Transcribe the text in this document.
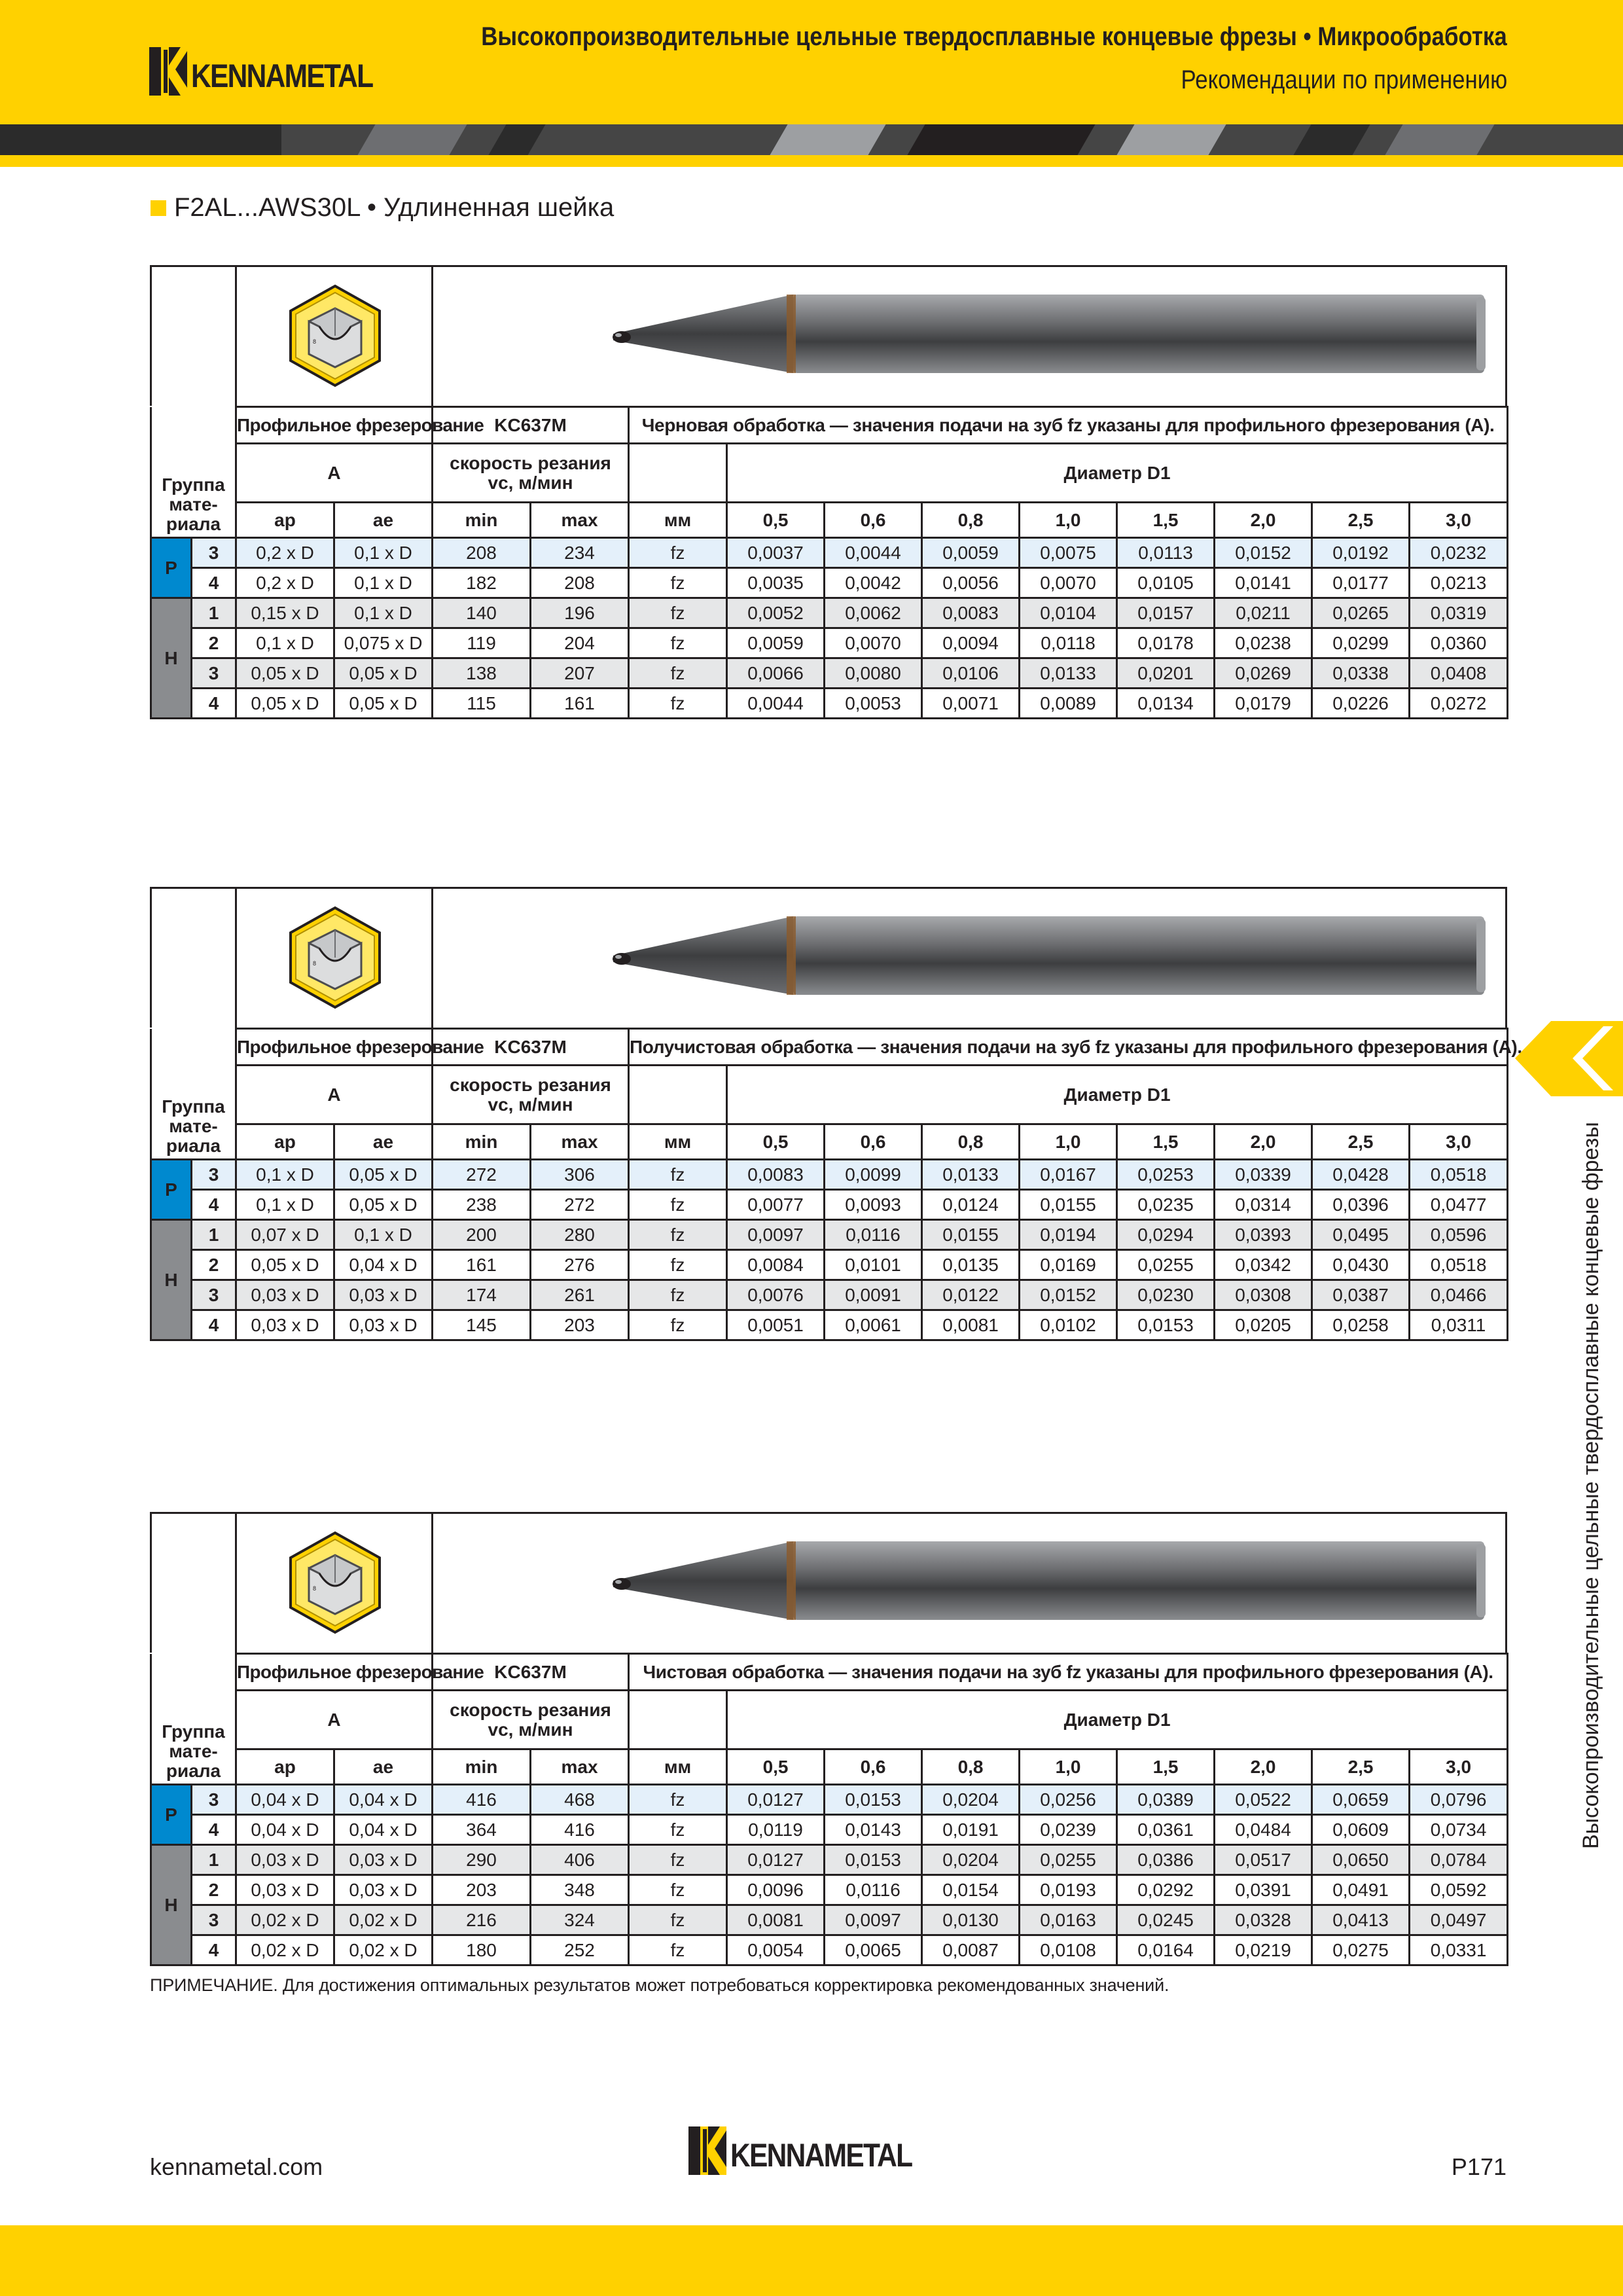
KENNAMETAL
Высокопроизводительные цельные твердосплавные концевые фрезы • Микрообработка
Рекомендации по применению
F2AL...AWS30L • Удлиненная шейка
8
		Профильное фрезерование		KC637M		Черновая обработка — значения подачи на зуб fz указаны для профильного фрезерования (A).								
		A		скорость резания vc, м/мин			Диаметр D1							

Группа мате- риала		ap	ae	min	max	мм	0,5	0,6	0,8	1,0	1,5	2,0	2,5	3,0
P	3	0,2 x D	0,1 x D	208	234	fz	0,0037	0,0044	0,0059	0,0075	0,0113	0,0152	0,0192	0,0232
	4	0,2 x D	0,1 x D	182	208	fz	0,0035	0,0042	0,0056	0,0070	0,0105	0,0141	0,0177	0,0213
H	1	0,15 x D	0,1 x D	140	196	fz	0,0052	0,0062	0,0083	0,0104	0,0157	0,0211	0,0265	0,0319
	2	0,1 x D	0,075 x D	119	204	fz	0,0059	0,0070	0,0094	0,0118	0,0178	0,0238	0,0299	0,0360
	3	0,05 x D	0,05 x D	138	207	fz	0,0066	0,0080	0,0106	0,0133	0,0201	0,0269	0,0338	0,0408
	4	0,05 x D	0,05 x D	115	161	fz	0,0044	0,0053	0,0071	0,0089	0,0134	0,0179	0,0226	0,0272
8
		Профильное фрезерование		KC637M		Получистовая обработка — значения подачи на зуб fz указаны для профильного фрезерования (A).								
		A		скорость резания vc, м/мин			Диаметр D1							

Группа мате- риала		ap	ae	min	max	мм	0,5	0,6	0,8	1,0	1,5	2,0	2,5	3,0
P	3	0,1 x D	0,05 x D	272	306	fz	0,0083	0,0099	0,0133	0,0167	0,0253	0,0339	0,0428	0,0518
	4	0,1 x D	0,05 x D	238	272	fz	0,0077	0,0093	0,0124	0,0155	0,0235	0,0314	0,0396	0,0477
H	1	0,07 x D	0,1 x D	200	280	fz	0,0097	0,0116	0,0155	0,0194	0,0294	0,0393	0,0495	0,0596
	2	0,05 x D	0,04 x D	161	276	fz	0,0084	0,0101	0,0135	0,0169	0,0255	0,0342	0,0430	0,0518
	3	0,03 x D	0,03 x D	174	261	fz	0,0076	0,0091	0,0122	0,0152	0,0230	0,0308	0,0387	0,0466
	4	0,03 x D	0,03 x D	145	203	fz	0,0051	0,0061	0,0081	0,0102	0,0153	0,0205	0,0258	0,0311
8
		Профильное фрезерование		KC637M		Чистовая обработка — значения подачи на зуб fz указаны для профильного фрезерования (A).								
		A		скорость резания vc, м/мин			Диаметр D1							

Группа мате- риала		ap	ae	min	max	мм	0,5	0,6	0,8	1,0	1,5	2,0	2,5	3,0
P	3	0,04 x D	0,04 x D	416	468	fz	0,0127	0,0153	0,0204	0,0256	0,0389	0,0522	0,0659	0,0796
	4	0,04 x D	0,04 x D	364	416	fz	0,0119	0,0143	0,0191	0,0239	0,0361	0,0484	0,0609	0,0734
H	1	0,03 x D	0,03 x D	290	406	fz	0,0127	0,0153	0,0204	0,0255	0,0386	0,0517	0,0650	0,0784
	2	0,03 x D	0,03 x D	203	348	fz	0,0096	0,0116	0,0154	0,0193	0,0292	0,0391	0,0491	0,0592
	3	0,02 x D	0,02 x D	216	324	fz	0,0081	0,0097	0,0130	0,0163	0,0245	0,0328	0,0413	0,0497
	4	0,02 x D	0,02 x D	180	252	fz	0,0054	0,0065	0,0087	0,0108	0,0164	0,0219	0,0275	0,0331
ПРИМЕЧАНИЕ. Для достижения оптимальных результатов может потребоваться корректировка рекомендованных значений.
Высокопроизводительные цельные твердосплавные концевые фрезы
kennametal.com	KENNAMETAL	P171
